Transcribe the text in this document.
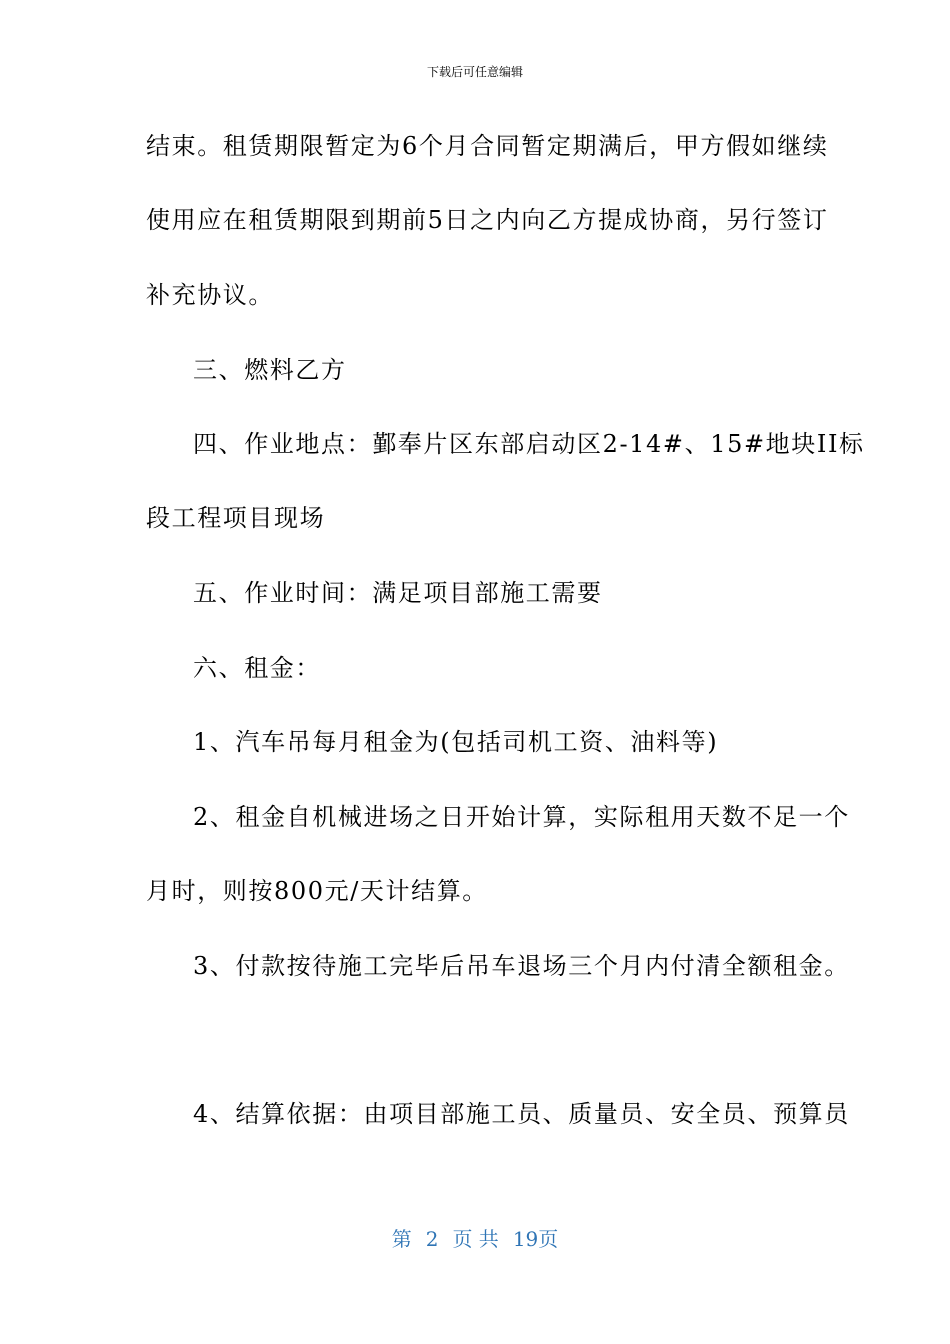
下载后可任意编辑
结束。租赁期限暂定为6个月合同暂定期满后，甲方假如继续
使用应在租赁期限到期前5日之内向乙方提成协商，另行签订
补充协议。
三、燃料乙方
四、作业地点：鄞奉片区东部启动区2-14#、15#地块II标
段工程项目现场
五、作业时间：满足项目部施工需要
六、租金：
1、汽车吊每月租金为(包括司机工资、油料等)
2、租金自机械进场之日开始计算，实际租用天数不足一个
月时，则按800元/天计结算。
3、付款按待施工完毕后吊车退场三个月内付清全额租金。
4、结算依据：由项目部施工员、质量员、安全员、预算员
第 2 页 共 19页
